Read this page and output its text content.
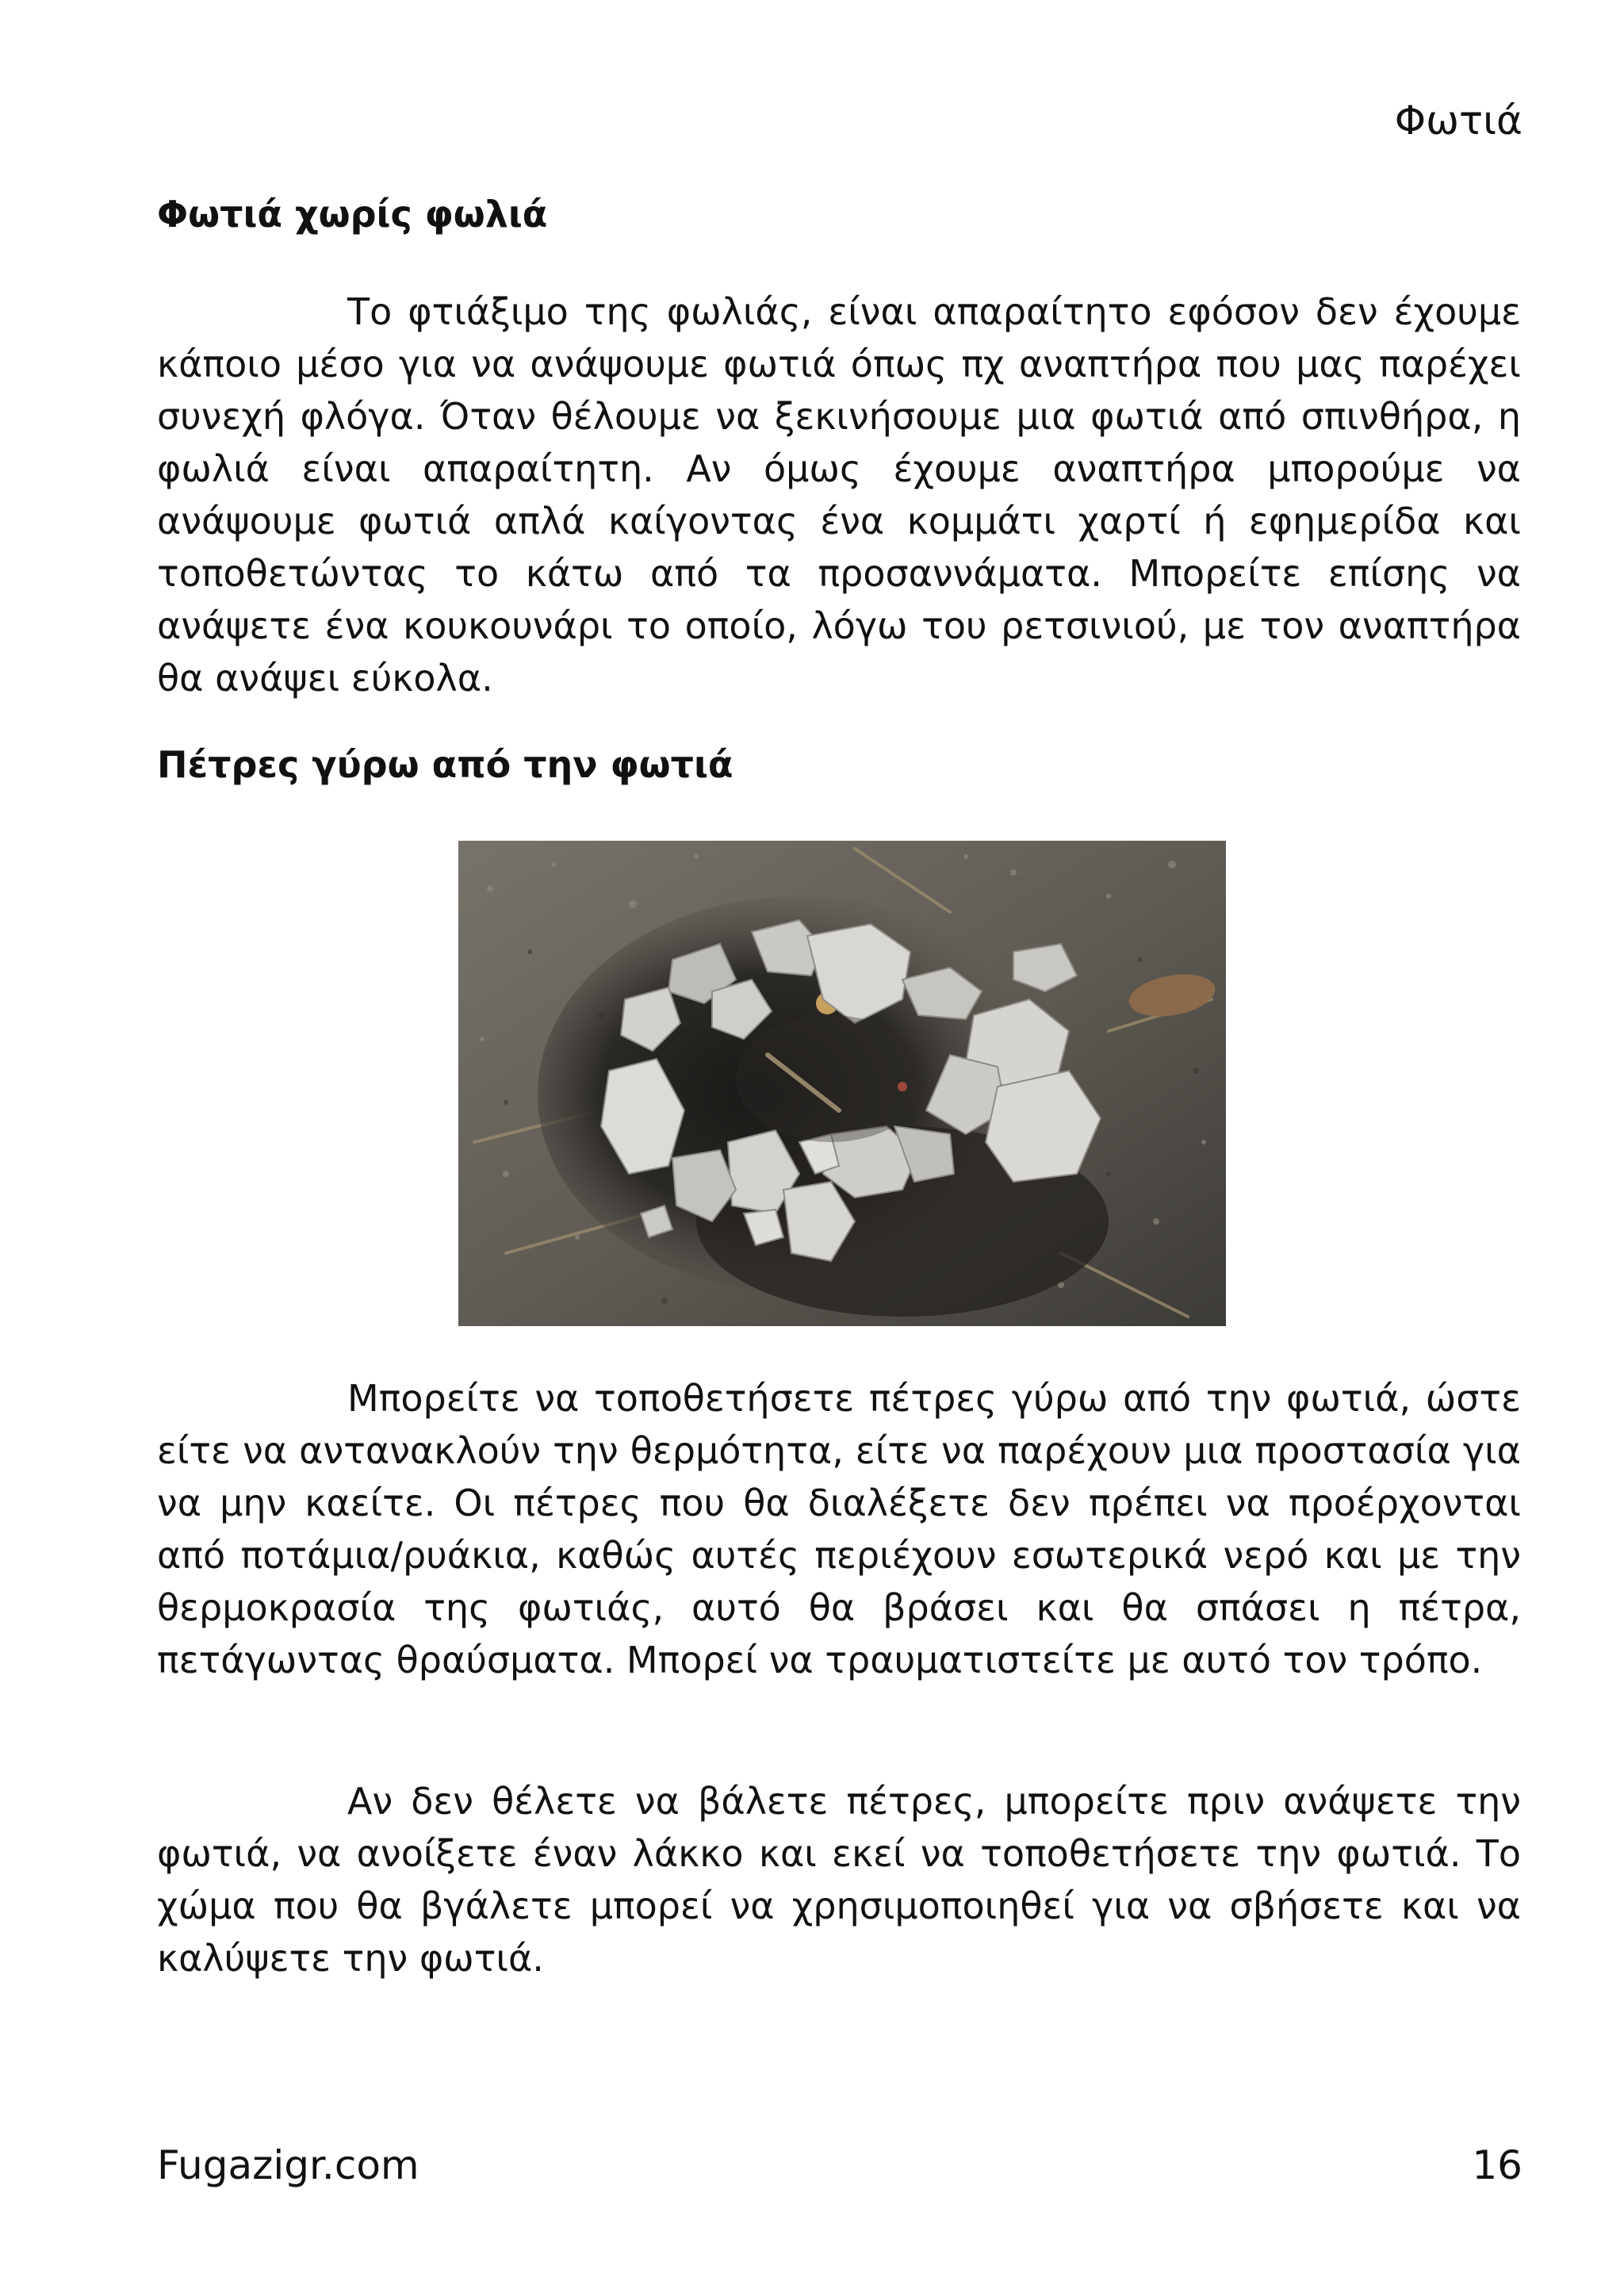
Φωτιά
Φωτιά χωρίς φωλιά

Το φτιάξιμο της φωλιάς, είναι απαραίτητο εφόσον δεν έχουμε κάποιο μέσο για να ανάψουμε φωτιά όπως πχ αναπτήρα που μας παρέχει συνεχή φλόγα. Όταν θέλουμε να ξεκινήσουμε μια φωτιά από σπινθήρα, η φωλιά είναι απαραίτητη. Αν όμως έχουμε αναπτήρα μπορούμε να ανάψουμε φωτιά απλά καίγοντας ένα κομμάτι χαρτί ή εφημερίδα και τοποθετώντας το κάτω από τα προσαννάματα. Μπορείτε επίσης να ανάψετε ένα κουκουνάρι το οποίο, λόγω του ρετσινιού, με τον αναπτήρα θα ανάψει εύκολα.

Πέτρες γύρω από την φωτιά

Μπορείτε να τοποθετήσετε πέτρες γύρω από την φωτιά, ώστε είτε να αντανακλούν την θερμότητα, είτε να παρέχουν μια προστασία για να μην καείτε. Οι πέτρες που θα διαλέξετε δεν πρέπει να προέρχονται από ποτάμια/ρυάκια, καθώς αυτές περιέχουν εσωτερικά νερό και με την θερμοκρασία της φωτιάς, αυτό θα βράσει και θα σπάσει η πέτρα, πετάγωντας θραύσματα. Μπορεί να τραυματιστείτε με αυτό τον τρόπο.

Αν δεν θέλετε να βάλετε πέτρες, μπορείτε πριν ανάψετε την φωτιά, να ανοίξετε έναν λάκκο και εκεί να τοποθετήσετε την φωτιά. Το χώμα που θα βγάλετε μπορεί να χρησιμοποιηθεί για να σβήσετε και να καλύψετε την φωτιά.

Fugazigr.com	16
